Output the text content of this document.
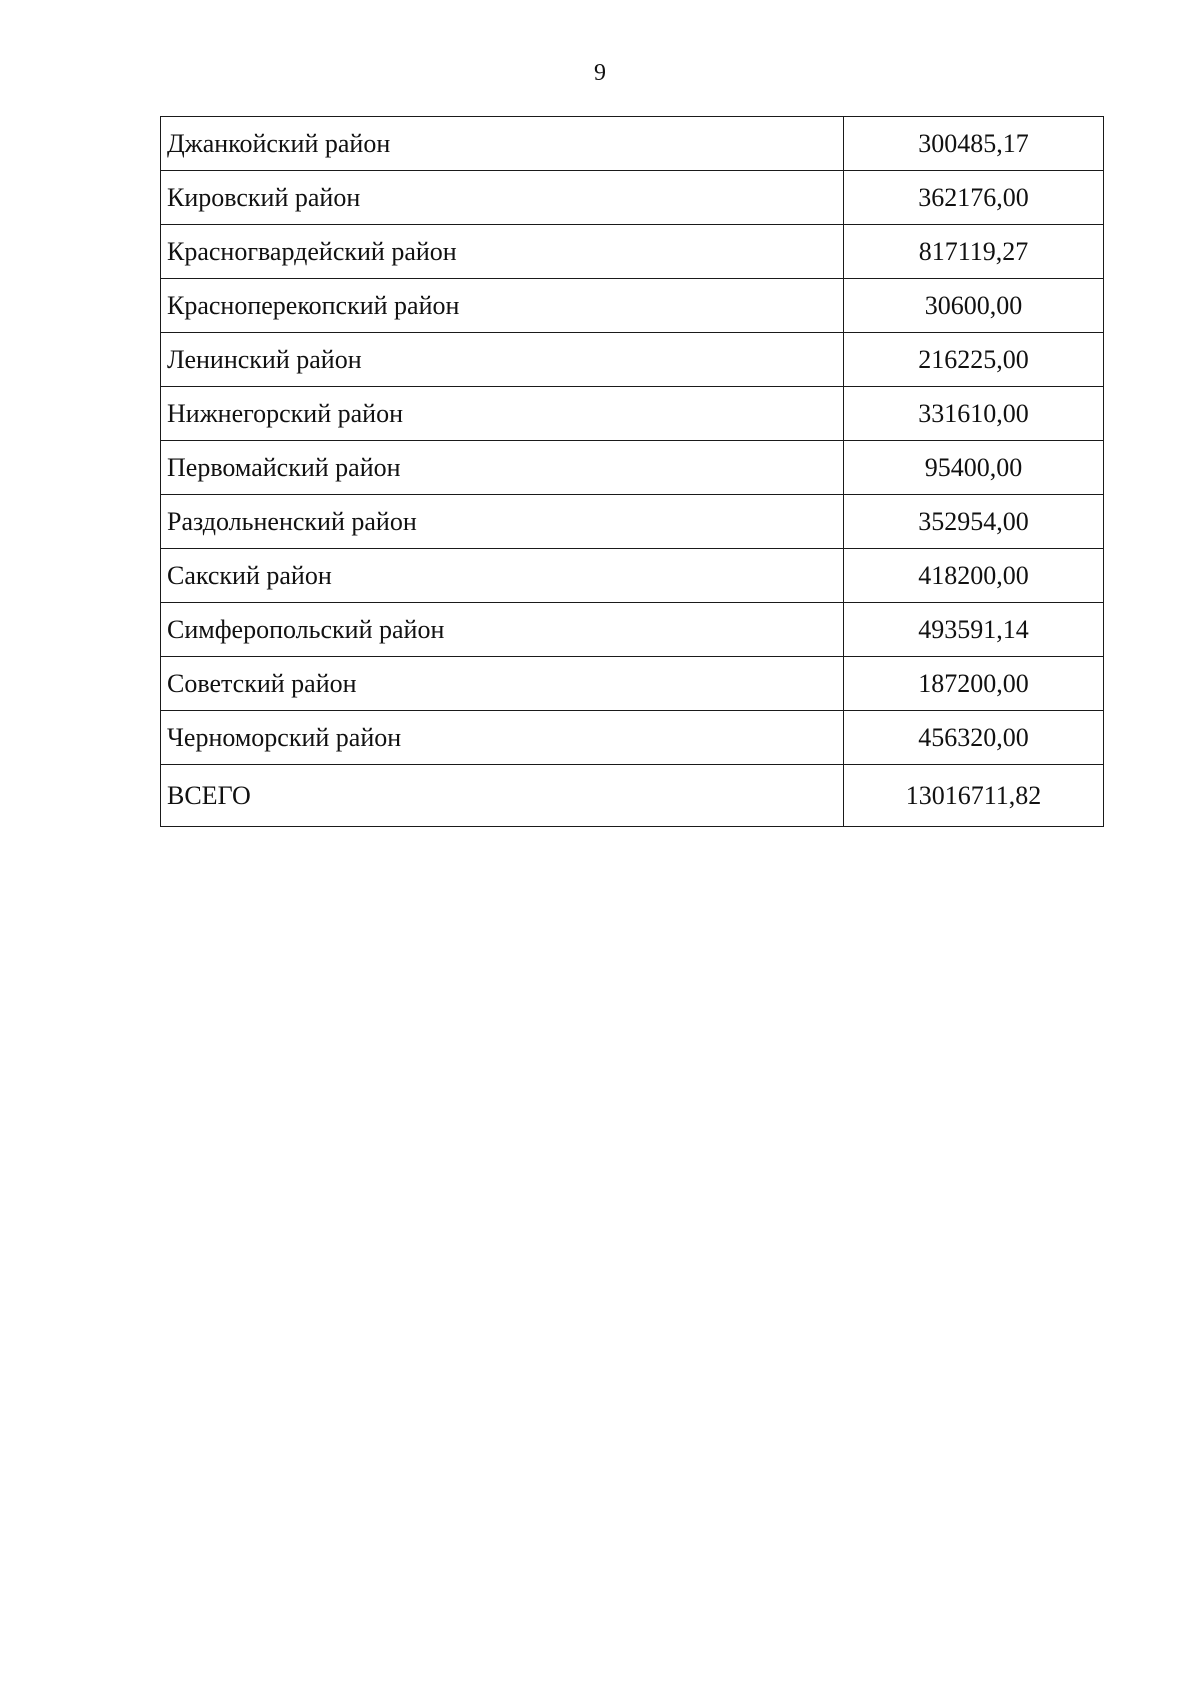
9
Джанкойский район	300485,17
Кировский район	362176,00
Красногвардейский район	817119,27
Красноперекопский район	30600,00
Ленинский район	216225,00
Нижнегорский район	331610,00
Первомайский район	95400,00
Раздольненский район	352954,00
Сакский район	418200,00
Симферопольский район	493591,14
Советский район	187200,00
Черноморский район	456320,00
ВСЕГО	13016711,82
